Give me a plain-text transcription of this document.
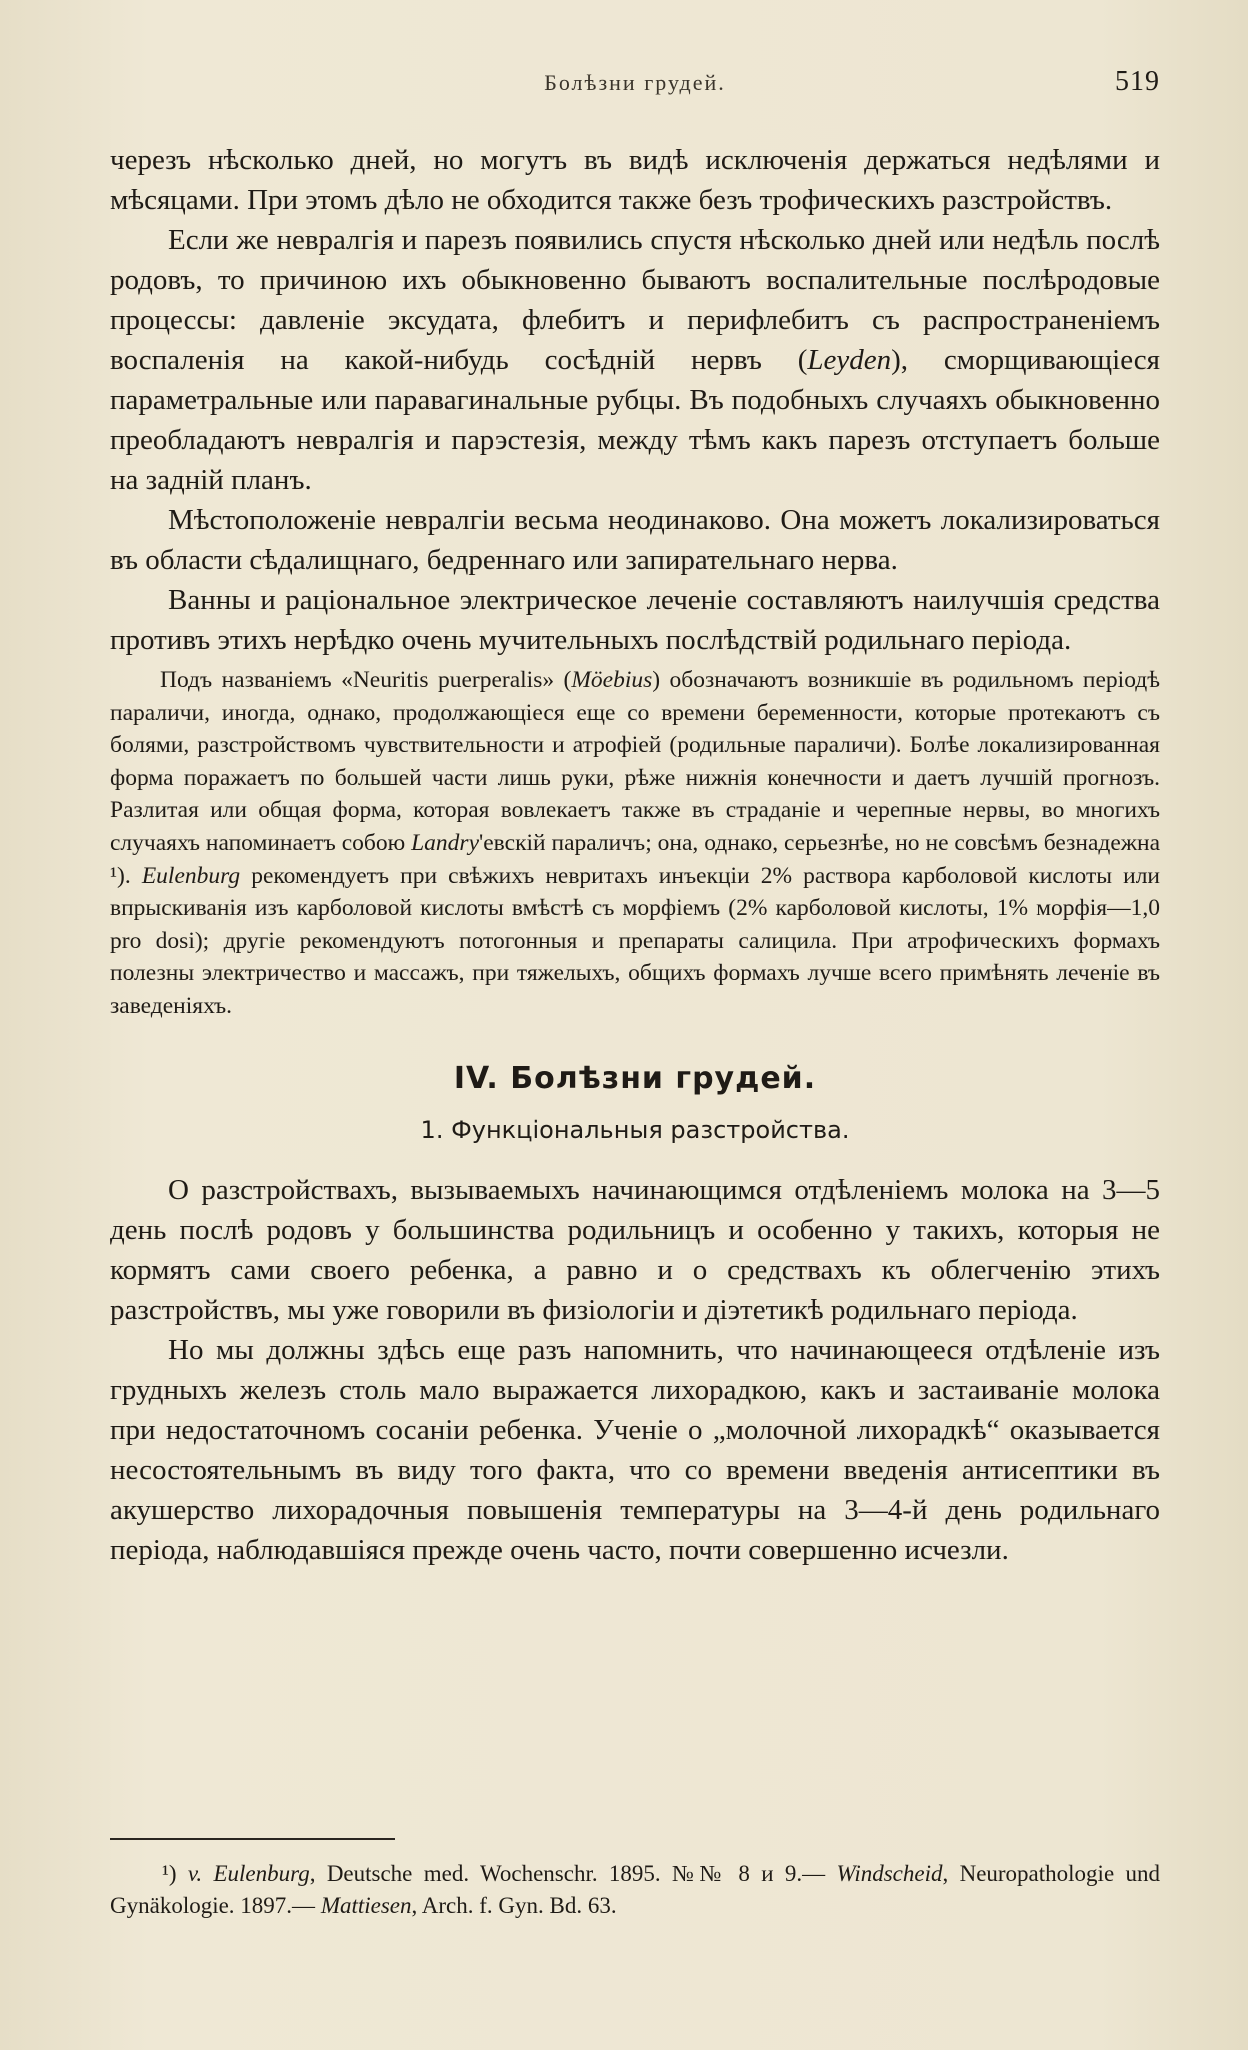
Болѣзни грудей.	519

черезъ нѣсколько дней, но могутъ въ видѣ исключенія держаться недѣлями и мѣсяцами. При этомъ дѣло не обходится также безъ трофическихъ разстройствъ.

Если же невралгія и парезъ появились спустя нѣсколько дней или недѣль послѣ родовъ, то причиною ихъ обыкновенно бываютъ воспалительные послѣродовые процессы: давленіе эксудата, флебитъ и перифлебитъ съ распространеніемъ воспаленія на какой-нибудь сосѣдній нервъ (Leyden), сморщивающіеся параметральные или паравагинальные рубцы. Въ подобныхъ случаяхъ обыкновенно преобладаютъ невралгія и парэстезія, между тѣмъ какъ парезъ отступаетъ больше на задній планъ.

Мѣстоположеніе невралгіи весьма неодинаково. Она можетъ локализироваться въ области сѣдалищнаго, бедреннаго или запирательнаго нерва.

Ванны и раціональное электрическое леченіе составляютъ наилучшія средства противъ этихъ нерѣдко очень мучительныхъ послѣдствій родильнаго періода.

Подъ названіемъ «Neuritis puerperalis» (Möebius) обозначаютъ возникшіе въ родильномъ періодѣ параличи, иногда, однако, продолжающіеся еще со времени беременности, которые протекаютъ съ болями, разстройствомъ чувствительности и атрофіей (родильные параличи). Болѣе локализированная форма поражаетъ по большей части лишь руки, рѣже нижнія конечности и даетъ лучшій прогнозъ. Разлитая или общая форма, которая вовлекаетъ также въ страданіе и черепные нервы, во многихъ случаяхъ напоминаетъ собою Landry'евскій параличъ; она, однако, серьезнѣе, но не совсѣмъ безнадежна ¹). Eulenburg рекомендуетъ при свѣжихъ невритахъ инъекціи 2% раствора карболовой кислоты или впрыскиванія изъ карболовой кислоты вмѣстѣ съ морфіемъ (2% карболовой кислоты, 1% морфія—1,0 pro dosi); другіе рекомендуютъ потогонныя и препараты салицила. При атрофическихъ формахъ полезны электричество и массажъ, при тяжелыхъ, общихъ формахъ лучше всего примѣнять леченіе въ заведеніяхъ.

IV. Болѣзни грудей.
1. Функціональныя разстройства.

О разстройствахъ, вызываемыхъ начинающимся отдѣленіемъ молока на 3—5 день послѣ родовъ у большинства родильницъ и особенно у такихъ, которыя не кормятъ сами своего ребенка, а равно и о средствахъ къ облегченію этихъ разстройствъ, мы уже говорили въ физіологіи и діэтетикѣ родильнаго періода.

Но мы должны здѣсь еще разъ напомнить, что начинающееся отдѣленіе изъ грудныхъ железъ столь мало выражается лихорадкою, какъ и застаиваніе молока при недостаточномъ сосаніи ребенка. Ученіе о „молочной лихорадкѣ“ оказывается несостоятельнымъ въ виду того факта, что со времени введенія антисептики въ акушерство лихорадочныя повышенія температуры на 3—4-й день родильнаго періода, наблюдавшіяся прежде очень часто, почти совершенно исчезли.

¹) v. Eulenburg, Deutsche med. Wochenschr. 1895. №№ 8 и 9.— Windscheid, Neuropathologie und Gynäkologie. 1897.— Mattiesen, Arch. f. Gyn. Bd. 63.
